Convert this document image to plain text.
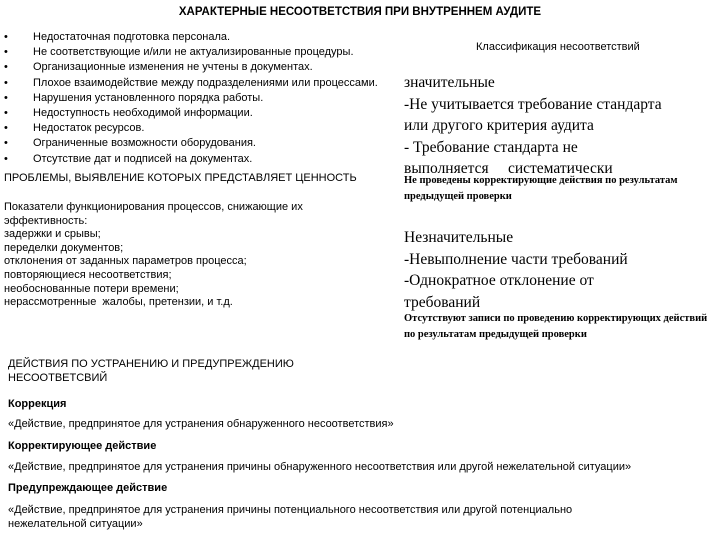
ХАРАКТЕРНЫЕ НЕСООТВЕТСТВИЯ ПРИ ВНУТРЕННЕМ АУДИТЕ
•	Недостаточная подготовка персонала.
•	Не соответствующие и/или не актуализированные процедуры.
•	Организационные изменения не учтены в документах.
•	Плохое взаимодействие между подразделениями или процессами.
•	Нарушения установленного порядка работы.
•	Недоступность необходимой информации.
•	Недостаток ресурсов.
•	Ограниченные возможности оборудования.
•	Отсутствие дат и подписей на документах.
Классификация несоответствий
значительные
-Не учитывается требование стандарта
или другого критерия аудита
- Требование стандарта не
выполняется     систематически
Не проведены корректирующие действия по результатам предыдущей проверки
ПРОБЛЕМЫ, ВЫЯВЛЕНИЕ КОТОРЫХ ПРЕДСТАВЛЯЕТ ЦЕННОСТЬ
Показатели функционирования процессов, снижающие их эффективность:
задержки и срывы;
переделки документов;
отклонения от заданных параметров процесса;
повторяющиеся несоответствия;
необоснованные потери времени;
нерассмотренные  жалобы, претензии, и т.д.
Незначительные
-Невыполнение части требований
-Однократное отклонение от
требований
Отсутствуют записи по проведению корректирующих действий по результатам предыдущей проверки
ДЕЙСТВИЯ ПО УСТРАНЕНИЮ И ПРЕДУПРЕЖДЕНИЮ НЕСООТВЕТСВИЙ
Коррекция
«Действие, предпринятое для устранения обнаруженного несоответствия»
Корректирующее действие
«Действие, предпринятое для устранения причины обнаруженного несоответствия или другой нежелательной ситуации»
Предупреждающее действие
«Действие, предпринятое для устранения причины потенциального несоответствия или другой потенциально нежелательной ситуации»
